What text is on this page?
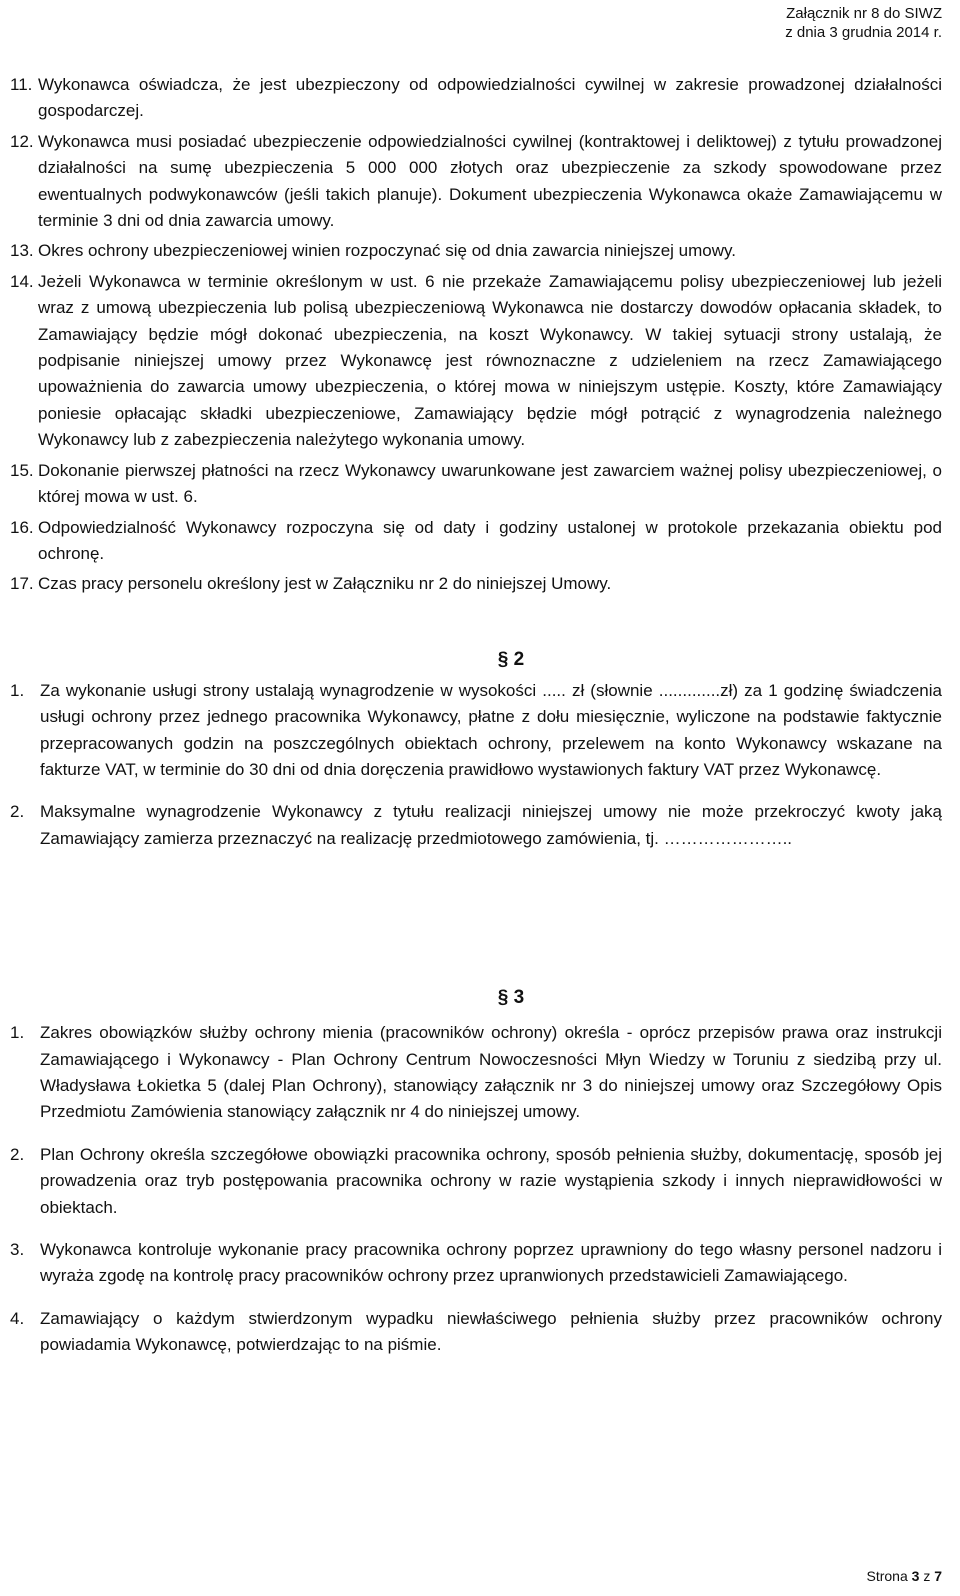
Załącznik nr 8 do SIWZ
z dnia 3 grudnia 2014 r.
11. Wykonawca oświadcza, że jest ubezpieczony od odpowiedzialności cywilnej w zakresie prowadzonej działalności gospodarczej.
12. Wykonawca musi posiadać ubezpieczenie odpowiedzialności cywilnej (kontraktowej i deliktowej) z tytułu prowadzonej działalności na sumę ubezpieczenia 5 000 000 złotych oraz ubezpieczenie za szkody spowodowane przez ewentualnych podwykonawców (jeśli takich planuje). Dokument ubezpieczenia Wykonawca okaże Zamawiającemu w terminie 3 dni od dnia zawarcia umowy.
13. Okres ochrony ubezpieczeniowej winien rozpoczynać się od dnia zawarcia niniejszej umowy.
14. Jeżeli Wykonawca w terminie określonym w ust. 6 nie przekaże Zamawiającemu polisy ubezpieczeniowej lub jeżeli wraz z umową ubezpieczenia lub polisą ubezpieczeniową Wykonawca nie dostarczy dowodów opłacania składek, to Zamawiający będzie mógł dokonać ubezpieczenia, na koszt Wykonawcy. W takiej sytuacji strony ustalają, że podpisanie niniejszej umowy przez Wykonawcę jest równoznaczne z udzieleniem na rzecz Zamawiającego upoważnienia do zawarcia umowy ubezpieczenia, o której mowa w niniejszym ustępie. Koszty, które Zamawiający poniesie opłacając składki ubezpieczeniowe, Zamawiający będzie mógł potrącić z wynagrodzenia należnego Wykonawcy lub z zabezpieczenia należytego wykonania umowy.
15. Dokonanie pierwszej płatności na rzecz Wykonawcy uwarunkowane jest zawarciem ważnej polisy ubezpieczeniowej, o której mowa w ust. 6.
16. Odpowiedzialność Wykonawcy rozpoczyna się od daty i godziny ustalonej w protokole przekazania obiektu pod ochronę.
17. Czas pracy personelu określony jest w Załączniku nr 2 do niniejszej Umowy.
§ 2
1. Za wykonanie usługi strony ustalają wynagrodzenie w wysokości ..... zł (słownie .............zł) za 1 godzinę świadczenia usługi ochrony przez jednego pracownika Wykonawcy, płatne z dołu miesięcznie, wyliczone na podstawie faktycznie przepracowanych godzin na poszczególnych obiektach ochrony, przelewem na konto Wykonawcy wskazane na fakturze VAT, w terminie do 30 dni od dnia doręczenia prawidłowo wystawionych faktury VAT przez Wykonawcę.
2. Maksymalne wynagrodzenie Wykonawcy z tytułu realizacji niniejszej umowy nie może przekroczyć kwoty jaką Zamawiający zamierza przeznaczyć na realizację przedmiotowego zamówienia, tj. …………………..
§ 3
1. Zakres obowiązków służby ochrony mienia (pracowników ochrony) określa - oprócz przepisów prawa oraz instrukcji Zamawiającego i Wykonawcy - Plan Ochrony Centrum Nowoczesności Młyn Wiedzy w Toruniu z siedzibą przy ul. Władysława Łokietka 5 (dalej Plan Ochrony), stanowiący załącznik nr 3 do niniejszej umowy oraz Szczegółowy Opis Przedmiotu Zamówienia stanowiący załącznik nr 4 do niniejszej umowy.
2. Plan Ochrony określa szczegółowe obowiązki pracownika ochrony, sposób pełnienia służby, dokumentację, sposób jej prowadzenia oraz tryb postępowania pracownika ochrony w razie wystąpienia szkody i innych nieprawidłowości w obiektach.
3. Wykonawca kontroluje wykonanie pracy pracownika ochrony poprzez uprawniony do tego własny personel nadzoru i wyraża zgodę na kontrolę pracy pracowników ochrony przez upranwionych przedstawicieli Zamawiającego.
4. Zamawiający o każdym stwierdzonym wypadku niewłaściwego pełnienia służby przez pracowników ochrony powiadamia Wykonawcę, potwierdzając to na piśmie.
Strona 3 z 7
